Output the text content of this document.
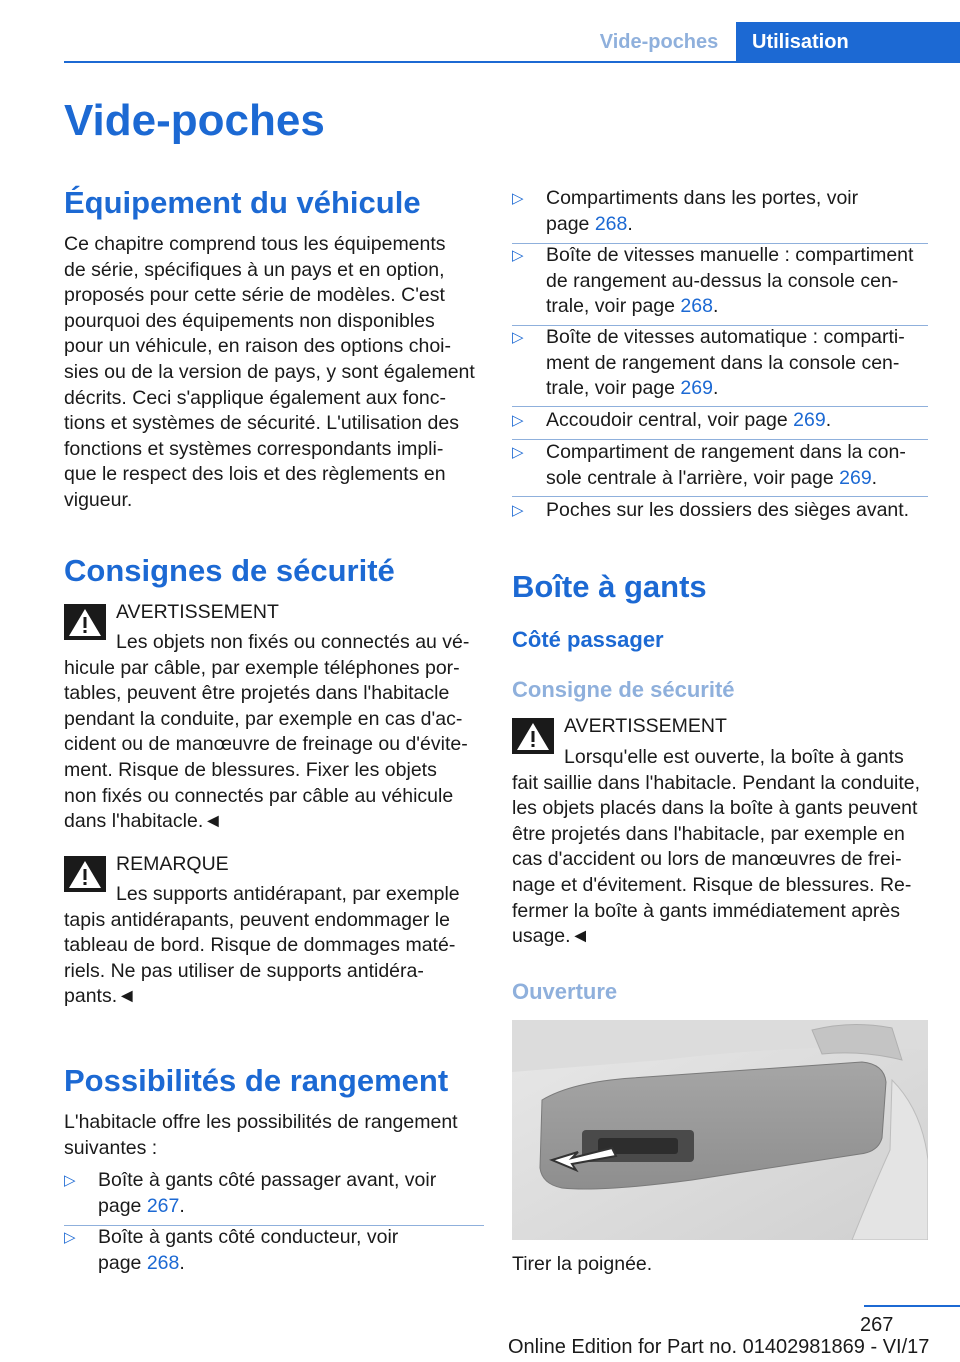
Vide-poches	Utilisation
Vide-poches
Équipement du véhicule
Ce chapitre comprend tous les équipements
de série, spécifiques à un pays et en option,
proposés pour cette série de modèles. C'est
pourquoi des équipements non disponibles
pour un véhicule, en raison des options choi‐
sies ou de la version de pays, y sont également
décrits. Ceci s'applique également aux fonc‐
tions et systèmes de sécurité. L'utilisation des
fonctions et systèmes correspondants impli‐
que le respect des lois et des règlements en
vigueur.
Consignes de sécurité
AVERTISSEMENT
Les objets non fixés ou connectés au vé‐
hicule par câble, par exemple téléphones por‐
tables, peuvent être projetés dans l'habitacle
pendant la conduite, par exemple en cas d'ac‐
cident ou de manœuvre de freinage ou d'évite‐
ment. Risque de blessures. Fixer les objets
non fixés ou connectés par câble au véhicule
dans l'habitacle.◄
REMARQUE
Les supports antidérapant, par exemple
tapis antidérapants, peuvent endommager le
tableau de bord. Risque de dommages maté‐
riels. Ne pas utiliser de supports antidéra‐
pants.◄
Possibilités de rangement
L'habitacle offre les possibilités de rangement
suivantes :
▷ Boîte à gants côté passager avant, voir
page 267.
▷ Boîte à gants côté conducteur, voir
page 268.
▷ Compartiments dans les portes, voir
page 268.
▷ Boîte de vitesses manuelle : compartiment
de rangement au-dessus la console cen‐
trale, voir page 268.
▷ Boîte de vitesses automatique : comparti‐
ment de rangement dans la console cen‐
trale, voir page 269.
▷ Accoudoir central, voir page 269.
▷ Compartiment de rangement dans la con‐
sole centrale à l'arrière, voir page 269.
▷ Poches sur les dossiers des sièges avant.
Boîte à gants
Côté passager
Consigne de sécurité
AVERTISSEMENT
Lorsqu'elle est ouverte, la boîte à gants
fait saillie dans l'habitacle. Pendant la conduite,
les objets placés dans la boîte à gants peuvent
être projetés dans l'habitacle, par exemple en
cas d'accident ou lors de manœuvres de frei‐
nage et d'évitement. Risque de blessures. Re‐
fermer la boîte à gants immédiatement après
usage.◄
Ouverture
Tirer la poignée.
267
Online Edition for Part no. 01402981869 - VI/17
